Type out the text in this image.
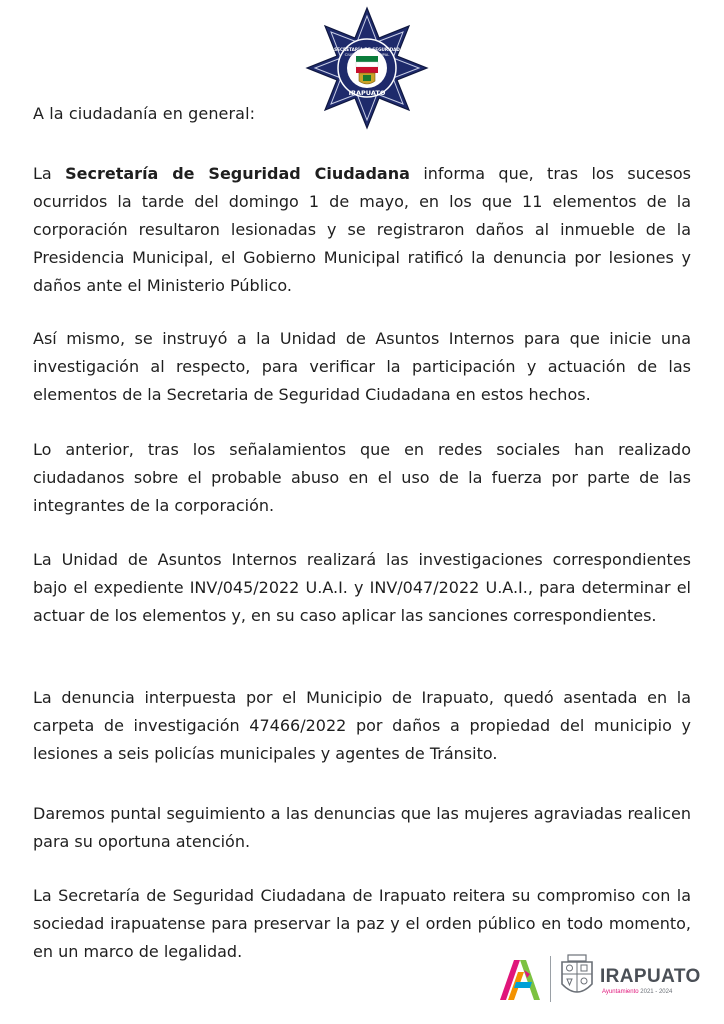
SECRETARÍA DE SEGURIDAD
CIUDADANA MUNICIPAL
IRAPUATO
A la ciudadanía en general:

La Secretaría de Seguridad Ciudadana informa que, tras los sucesos ocurridos la tarde del domingo 1 de mayo, en los que 11 elementos de la corporación resultaron lesionadas y se registraron daños al inmueble de la Presidencia Municipal, el Gobierno Municipal ratificó la denuncia por lesiones y daños ante el Ministerio Público.

Así mismo, se instruyó a la Unidad de Asuntos Internos para que inicie una investigación al respecto, para verificar la participación y actuación de las elementos de la Secretaria de Seguridad Ciudadana en estos hechos.

Lo anterior, tras los señalamientos que en redes sociales han realizado ciudadanos sobre el probable abuso en el uso de la fuerza por parte de las integrantes de la corporación.

La Unidad de Asuntos Internos realizará las investigaciones correspondientes bajo el expediente INV/045/2022 U.A.I. y INV/047/2022 U.A.I., para determinar el actuar de los elementos y, en su caso aplicar las sanciones correspondientes.

La denuncia interpuesta por el Municipio de Irapuato, quedó asentada en la carpeta de investigación 47466/2022 por daños a propiedad del municipio y lesiones a seis policías municipales y agentes de Tránsito.

Daremos puntal seguimiento a las denuncias que las mujeres agraviadas realicen para su oportuna atención.

La Secretaría de Seguridad Ciudadana de Irapuato reitera su compromiso con la sociedad irapuatense para preservar la paz y el orden público en todo momento, en un marco de legalidad.

IRAPUATO
Ayuntamiento 2021 - 2024
